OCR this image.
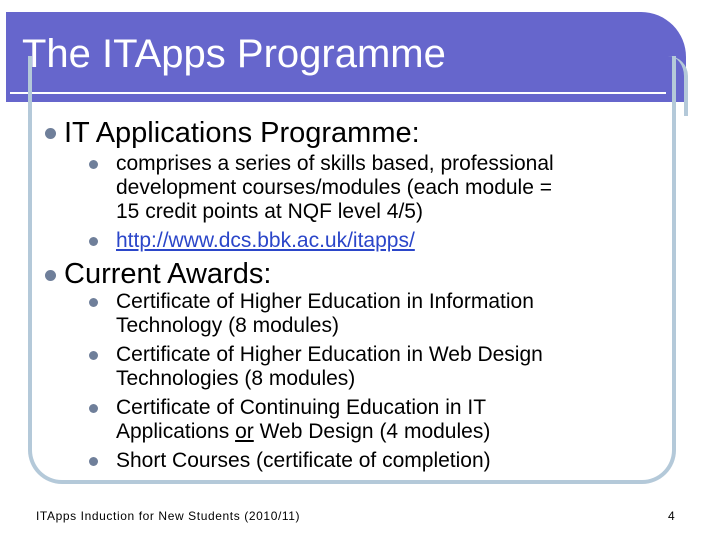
The ITApps Programme
IT Applications Programme:
comprises a series of skills based, professional
development courses/modules (each module =
15 credit points at NQF level 4/5)
http://www.dcs.bbk.ac.uk/itapps/
Current Awards:
Certificate of Higher Education in Information
Technology (8 modules)
Certificate of Higher Education in Web Design
Technologies (8 modules)
Certificate of Continuing Education in IT
Applications or Web Design (4 modules)
Short Courses (certificate of completion)
ITApps Induction for New Students (2010/11)	4
